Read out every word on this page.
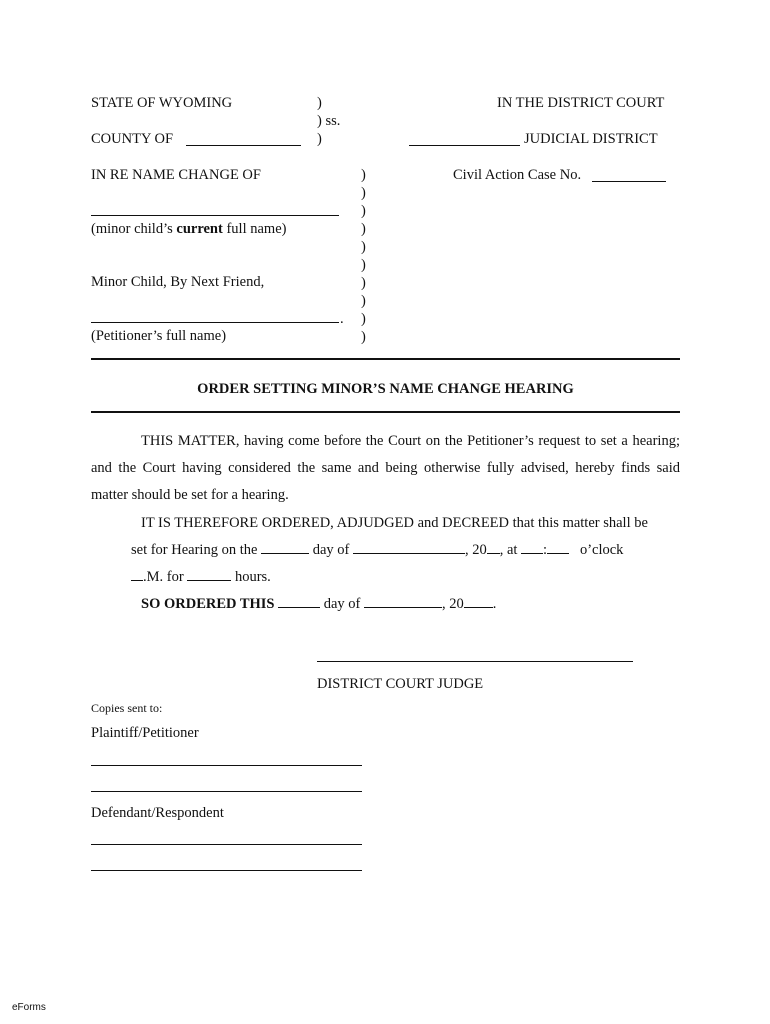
STATE OF WYOMING	)
) ss.
COUNTY OF	)
IN THE DISTRICT COURT
JUDICIAL DISTRICT
IN RE NAME CHANGE OF	Civil Action Case No.
)
)
)
)
)
)
)
)
)
)
(minor child’s current full name)
Minor Child, By Next Friend,
.
(Petitioner’s full name)
ORDER SETTING MINOR’S NAME CHANGE HEARING
THIS MATTER, having come before the Court on the Petitioner’s request to set a hearing; and the Court having considered the same and being otherwise fully advised, hereby finds said matter should be set for a hearing.
IT IS THEREFORE ORDERED, ADJUDGED and DECREED that this matter shall be
set for Hearing on the	day of	, 20 , at : o’clock
.M. for	hours.
SO ORDERED THIS	day of	, 20 .
DISTRICT COURT JUDGE
Copies sent to:
Plaintiff/Petitioner
Defendant/Respondent
eForms
